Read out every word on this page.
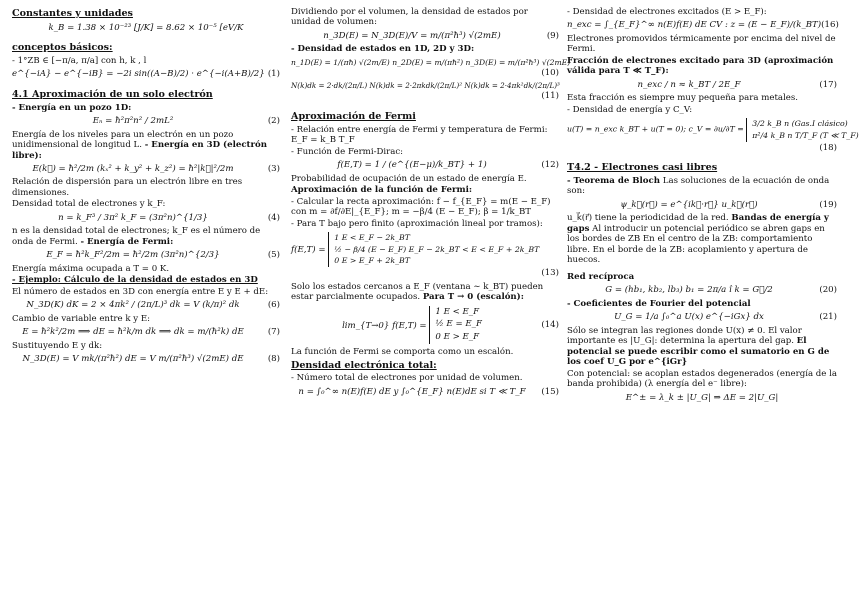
Constantes y unidades
k_B = 1.38 × 10⁻²³ [J/K] = 8.62 × 10⁻⁵ [eV/K
conceptos básicos:
- 1°ZB ∈ [−π/a, π/a] con h, k , l
e^{−iA} − e^{−iB} = −2i sin((A−B)/2) · e^{−i(A+B)/2} (1)
4.1 Aproximación de un solo electrón
- Energía en un pozo 1D:
Eₙ = ħ²π²n² / 2mL²	(2)
Energía de los niveles para un electrón en un pozo unidimensional de longitud L. - Energía en 3D (electrón libre):
E(k⃗) = ħ²/2m (kₓ² + k_y² + k_z²) = ħ²|k⃗|²/2m	(3)
Relación de dispersión para un electrón libre en tres dimensiones.
Densidad total de electrones y k_F:
n = k_F³ / 3π² k_F = (3π²n)^{1/3}	(4)
n es la densidad total de electrones; k_F es el número de onda de Fermi. - Energía de Fermi:
E_F = ħ²k_F²/2m = ħ²/2m (3π²n)^{2/3}	(5)
Energía máxima ocupada a T = 0 K.
- Ejemplo: Cálculo de la densidad de estados en 3D
El número de estados en 3D con energía entre E y E + dE:
N_3D(K) dK = 2 × 4πk² / (2π/L)³ dk = V (k/π)² dk	(6)
Cambio de variable entre k y E:
E = ħ²k²/2m ⟹ dE = ħ²k/m dk ⟹ dk = m/(ħ²k) dE	(7)
Sustituyendo E y dk:
N_3D(E) = V mk/(π²ħ²) dE = V m/(π²ħ³) √(2mE) dE	(8)
Dividiendo por el volumen, la densidad de estados por unidad de volumen:
n_3D(E) = N_3D(E)/V = m/(π²ħ³) √(2mE)	(9)
- Densidad de estados en 1D, 2D y 3D:
n_1D(E) = 1/(πħ) √(2m/E) n_2D(E) = m/(πħ²) n_3D(E) = m/(π²ħ³) √(2mE)
(10)
N(k)dk = 2·dk/(2π/L) N(k)dk = 2·2πkdk/(2π/L)² N(k)dk = 2·4πk²dk/(2π/L)³
(11)
Aproximación de Fermi
- Relación entre energía de Fermi y temperatura de Fermi: E_F = k_B T_F
- Función de Fermi-Dirac:
f(E,T) = 1 / (e^{(E−μ)/k_BT} + 1)	(12)
Probabilidad de ocupación de un estado de energía E.
Aproximación de la función de Fermi:
- Calcular la recta aproximación: f − f_{E_F} = m(E − E_F) con m = ∂f/∂E|_{E_F}; m = −β/4 (E − E_F); β = 1/k_BT
- Para T bajo pero finito (aproximación lineal por tramos):
f(E,T) = 1 E < E_F − 2k_BT
½ − β/4 (E − E_F) E_F − 2k_BT < E < E_F + 2k_BT
0 E > E_F + 2k_BT
(13)
Solo los estados cercanos a E_F (ventana ∼ k_BT) pueden estar parcialmente ocupados. Para T → 0 (escalón):
lim_{T→0} f(E,T) = 1 E < E_F
½ E = E_F
0 E > E_F
(14)
La función de Fermi se comporta como un escalón.
Densidad electrónica total:
- Número total de electrones por unidad de volumen.
n = ∫₀^∞ n(E)f(E) dE y ∫₀^{E_F} n(E)dE si T ≪ T_F	(15)
- Densidad de electrones excitados (E > E_F):
n_exc = ∫_{E_F}^∞ n(E)f(E) dE CV : z = (E − E_F)/(k_BT) (16)
Electrones promovidos térmicamente por encima del nivel de Fermi.
Fracción de electrones excitado para 3D (aproximación válida para T ≪ T_F):
n_exc / n ≈ k_BT / 2E_F	(17)
Esta fracción es siempre muy pequeña para metales.
- Densidad de energía y C_V:
u(T) = n_exc k_BT + u(T = 0); c_V = ∂u/∂T = 3/2 k_B n (Gas.I clásico)
π²/4 k_B n T/T_F (T ≪ T_F)
(18)
T4.2 - Electrones casi libres
- Teorema de Bloch Las soluciones de la ecuación de onda son:
ψ_k⃗(r⃗) = e^{ik⃗·r⃗} u_k⃗(r⃗)	(19)
u_k⃗(r⃗) tiene la periodicidad de la red. Bandas de energía y gaps Al introducir un potencial periódico se abren gaps en los bordes de ZB En el centro de la ZB: comportamiento libre. En el borde de la ZB: acoplamiento y apertura de huecos.
Red recíproca
G = (hb₁, kb₂, lb₃) b₁ = 2π/a î k = G⃗/2	(20)
- Coeficientes de Fourier del potencial
U_G = 1/a ∫₀^a U(x) e^{−iGx} dx	(21)
Sólo se integran las regiones donde U(x) ≠ 0. El valor importante es |U_G|: determina la apertura del gap. El potencial se puede escribir como el sumatorio en G de los coef U_G por e^{iGr}
Con potencial: se acoplan estados degenerados (energía de la banda prohibida) (λ energía del e⁻ libre):
E^± = λ_k ± |U_G| ⇒ ΔE = 2|U_G|
